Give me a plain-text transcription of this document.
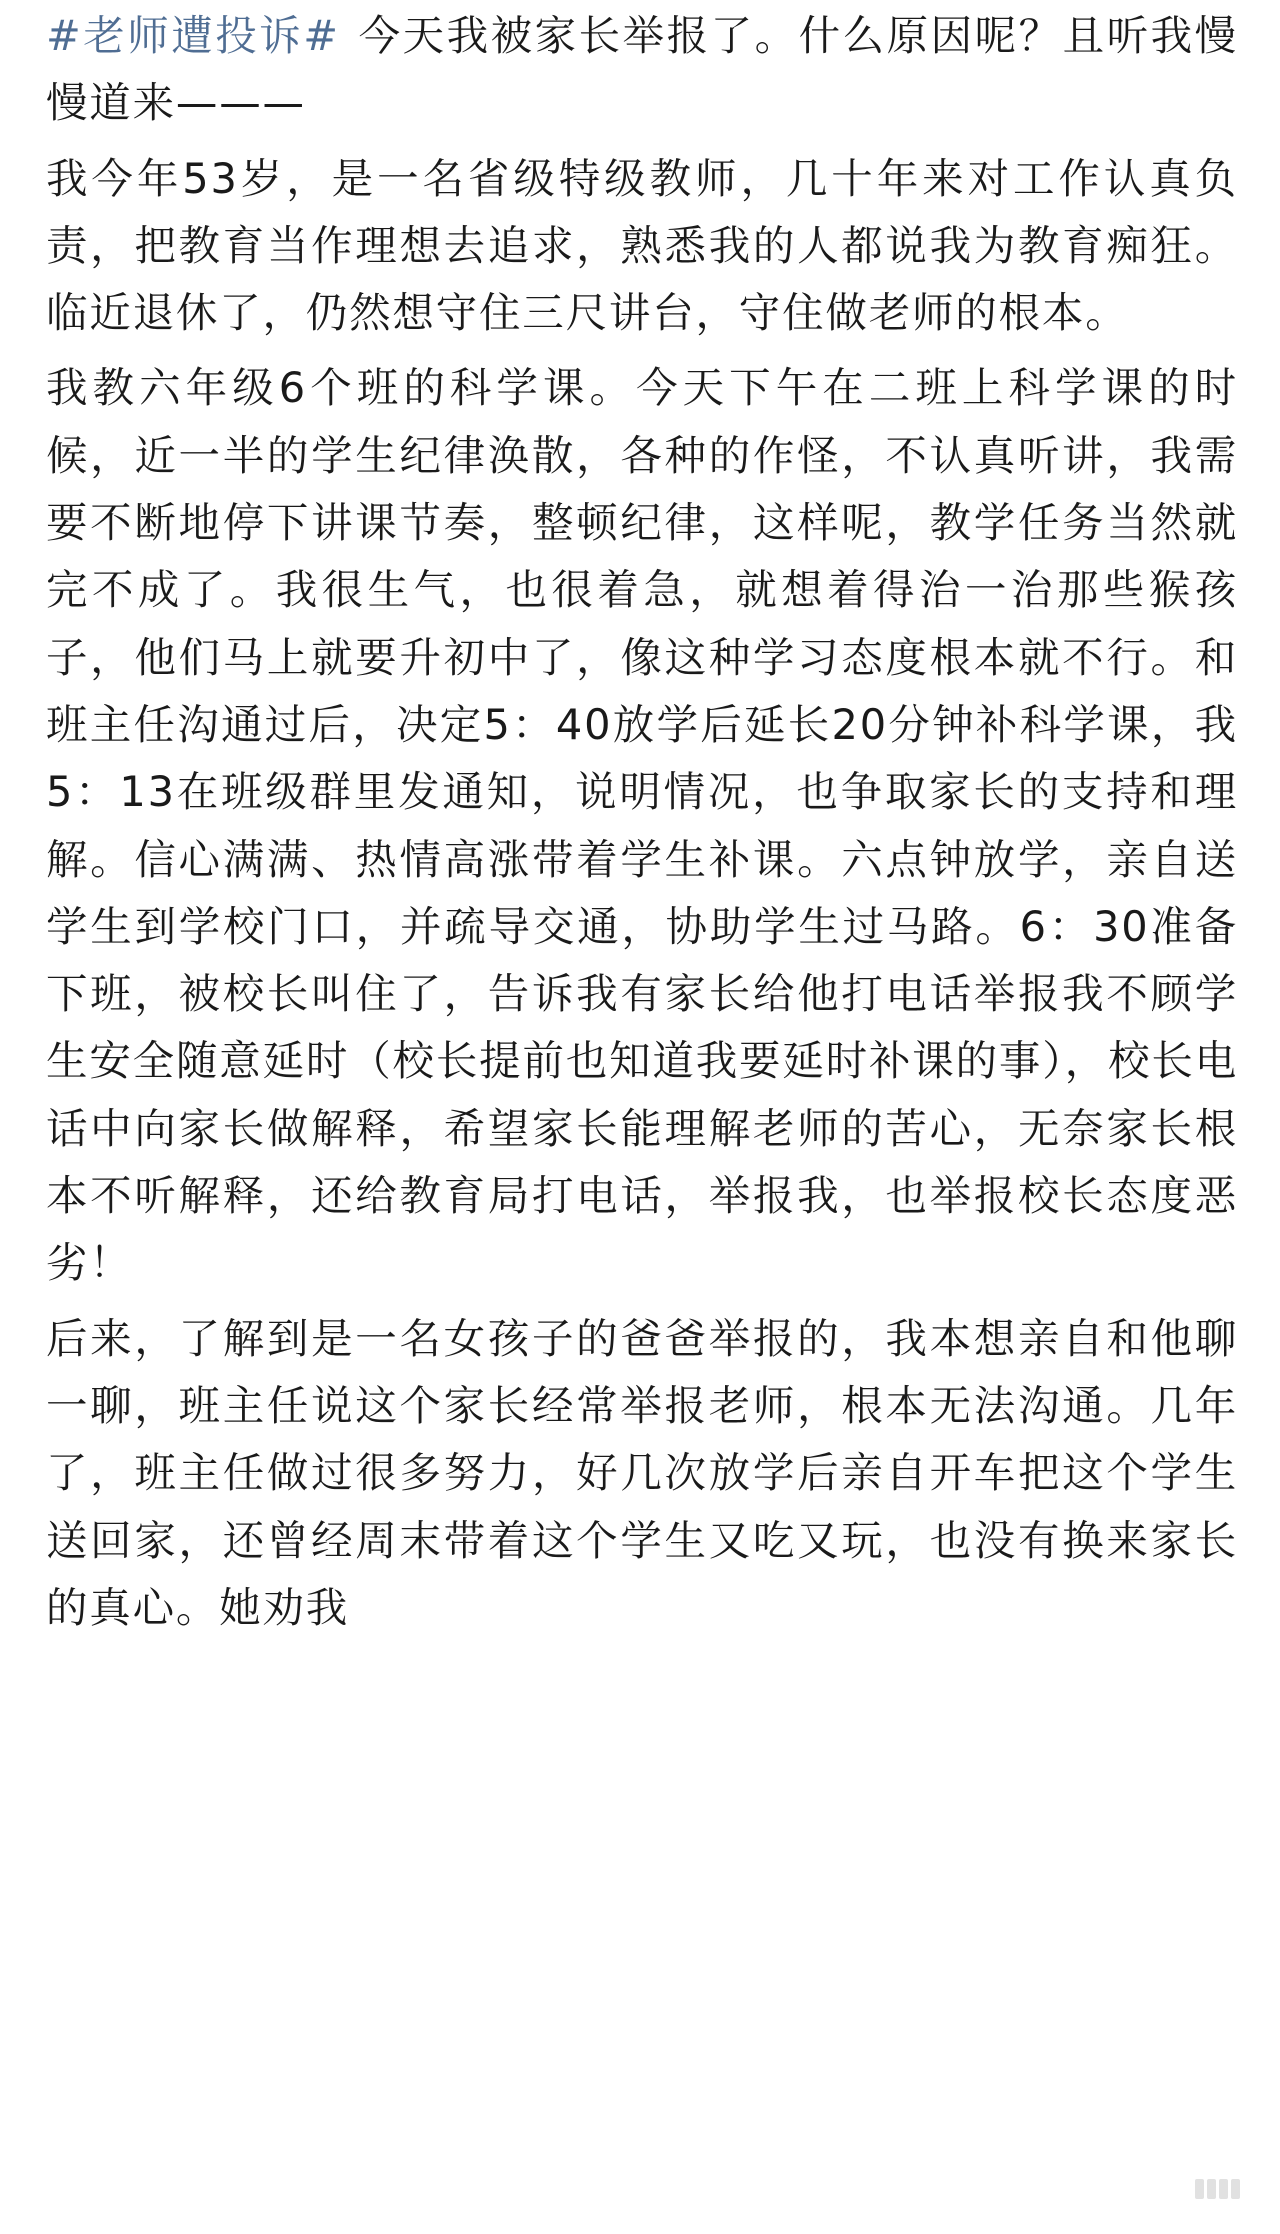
#老师遭投诉# 今天我被家长举报了。什么原因呢？且听我慢慢道来———

我今年53岁，是一名省级特级教师，几十年来对工作认真负责，把教育当作理想去追求，熟悉我的人都说我为教育痴狂。临近退休了，仍然想守住三尺讲台，守住做老师的根本。

我教六年级6个班的科学课。今天下午在二班上科学课的时候，近一半的学生纪律涣散，各种的作怪，不认真听讲，我需要不断地停下讲课节奏，整顿纪律，这样呢，教学任务当然就完不成了。我很生气，也很着急，就想着得治一治那些猴孩子，他们马上就要升初中了，像这种学习态度根本就不行。和班主任沟通过后，决定5：40放学后延长20分钟补科学课，我5：13在班级群里发通知，说明情况，也争取家长的支持和理解。信心满满、热情高涨带着学生补课。六点钟放学，亲自送学生到学校门口，并疏导交通，协助学生过马路。6：30准备下班，被校长叫住了，告诉我有家长给他打电话举报我不顾学生安全随意延时（校长提前也知道我要延时补课的事），校长电话中向家长做解释，希望家长能理解老师的苦心，无奈家长根本不听解释，还给教育局打电话，举报我，也举报校长态度恶劣！

后来，了解到是一名女孩子的爸爸举报的，我本想亲自和他聊一聊，班主任说这个家长经常举报老师，根本无法沟通。几年了，班主任做过很多努力，好几次放学后亲自开车把这个学生送回家，还曾经周末带着这个学生又吃又玩，也没有换来家长的真心。她劝我
